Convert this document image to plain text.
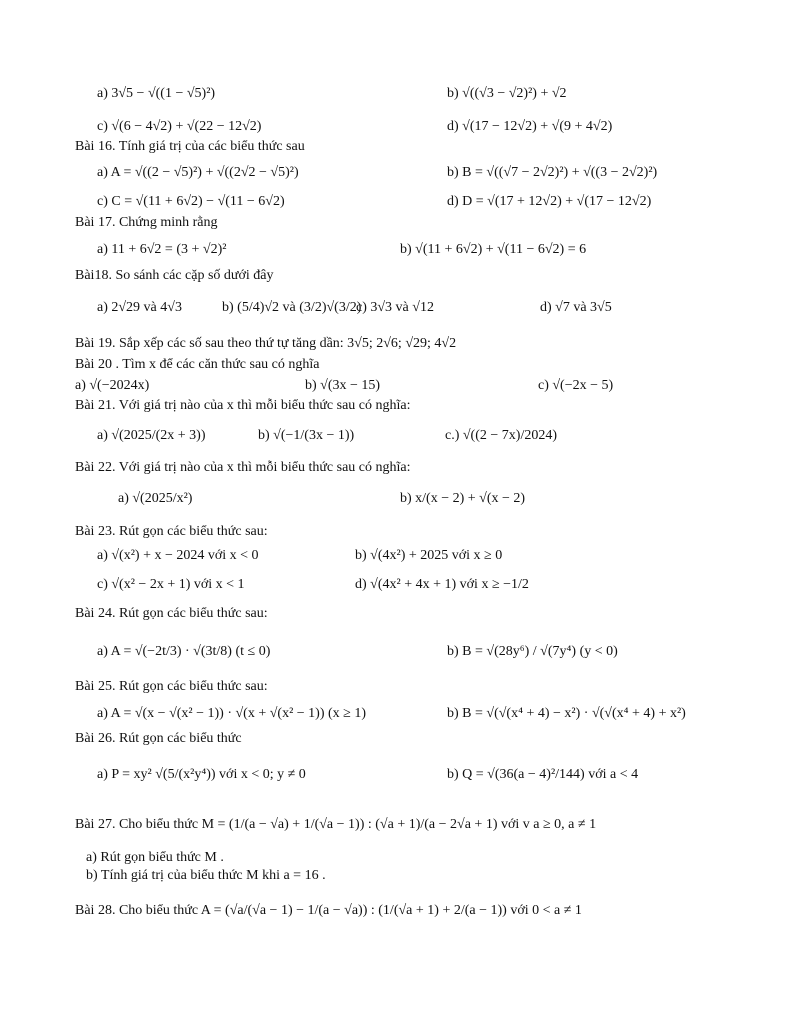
a) 3√5 − √((1 − √5)²)	b) √((√3 − √2)²) + √2
c) √(6 − 4√2) + √(22 − 12√2)	d) √(17 − 12√2) + √(9 + 4√2)
Bài 16. Tính giá trị của các biểu thức sau
a) A = √((2 − √5)²) + √((2√2 − √5)²)	b) B = √((√7 − 2√2)²) + √((3 − 2√2)²)
c) C = √(11 + 6√2) − √(11 − 6√2)	d) D = √(17 + 12√2) + √(17 − 12√2)
Bài 17. Chứng minh rằng
a) 11 + 6√2 = (3 + √2)²	b) √(11 + 6√2) + √(11 − 6√2) = 6
Bài18. So sánh các cặp số dưới đây
a) 2√29 và 4√3	b) (5/4)√2 và (3/2)√(3/2)
c) 3√3 và √12	d) √7 và 3√5
Bài 19. Sắp xếp các số sau theo thứ tự tăng dần: 3√5; 2√6; √29; 4√2
Bài 20 . Tìm x để các căn thức sau có nghĩa
a) √(−2024x)	b) √(3x − 15)	c) √(−2x − 5)
Bài 21. Với giá trị nào của x thì mỗi biểu thức sau có nghĩa:
a) √(2025/(2x + 3))	b) √(−1/(3x − 1))	c.) √((2 − 7x)/2024)
Bài 22. Với giá trị nào của x thì mỗi biểu thức sau có nghĩa:
a) √(2025/x²)	b) x/(x − 2) + √(x − 2)
Bài 23. Rút gọn các biểu thức sau:
a) √(x²) + x − 2024 với x < 0	b) √(4x²) + 2025 với x ≥ 0
c) √(x² − 2x + 1) với x < 1	d) √(4x² + 4x + 1) với x ≥ −1/2
Bài 24. Rút gọn các biểu thức sau:
a) A = √(−2t/3) · √(3t/8) (t ≤ 0)	b) B = √(28y⁶) / √(7y⁴) (y < 0)
Bài 25. Rút gọn các biểu thức sau:
a) A = √(x − √(x² − 1)) · √(x + √(x² − 1)) (x ≥ 1)	b) B = √(√(x⁴ + 4) − x²) · √(√(x⁴ + 4) + x²)
Bài 26. Rút gọn các biểu thức
a) P = xy² √(5/(x²y⁴)) với x < 0; y ≠ 0	b) Q = √(36(a − 4)²/144) với a < 4
Bài 27. Cho biểu thức M = (1/(a − √a) + 1/(√a − 1)) : (√a + 1)/(a − 2√a + 1) với v a ≥ 0, a ≠ 1
a) Rút gọn biểu thức M .
b) Tính giá trị của biểu thức M khi a = 16 .
Bài 28. Cho biểu thức A = (√a/(√a − 1) − 1/(a − √a)) : (1/(√a + 1) + 2/(a − 1)) với 0 < a ≠ 1
